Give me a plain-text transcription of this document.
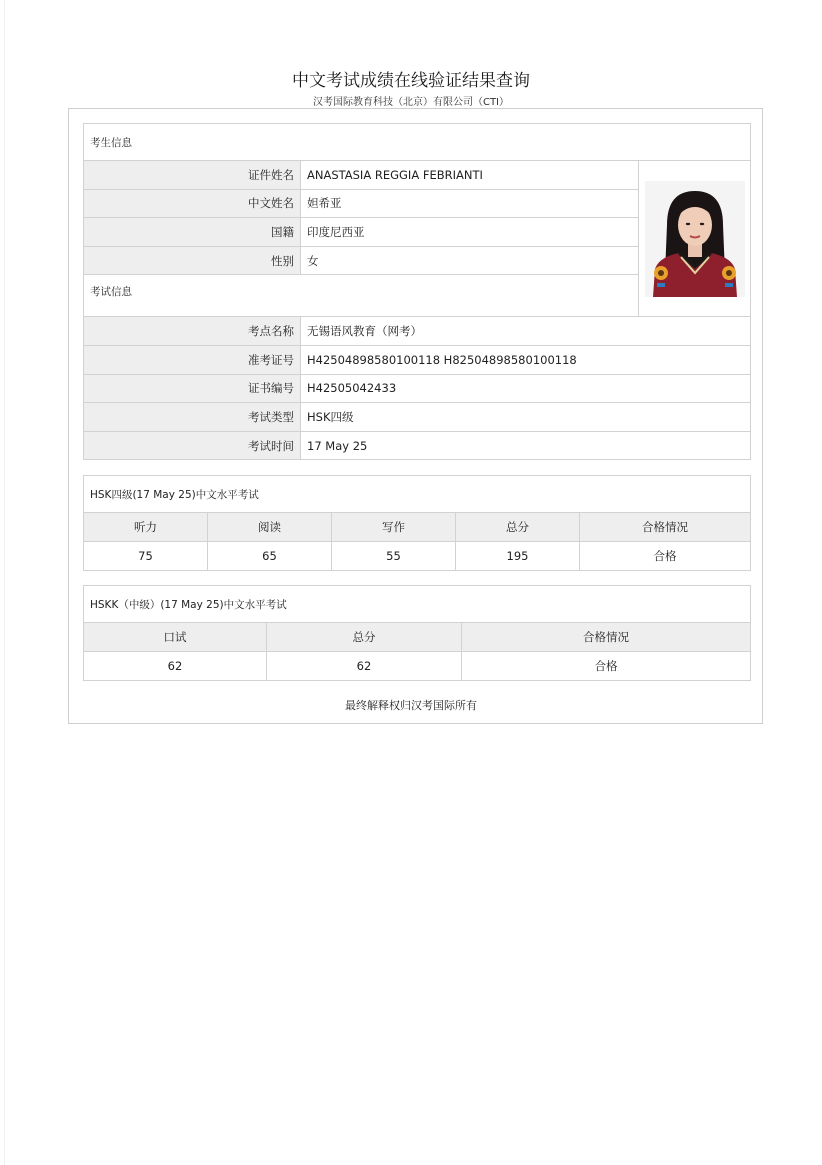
中文考试成绩在线验证结果查询
汉考国际教育科技（北京）有限公司（CTI）
考生信息		
证件姓名	ANASTASIA REGGIA FEBRIANTI	

中文姓名	妲希亚	
国籍	印度尼西亚	
性别	女	
考试信息		
考点名称	无锡语风教育（网考）	
准考证号	H42504898580100118 H82504898580100118	
证书编号	H42505042433	
考试类型	HSK四级	
考试时间	17 May 25	
HSK四级(17 May 25)中文水平考试				
听力	阅读	写作	总分	合格情况
75	65	55	195	合格
HSKK（中级）(17 May 25)中文水平考试		
口试	总分	合格情况
62	62	合格
最终解释权归汉考国际所有
